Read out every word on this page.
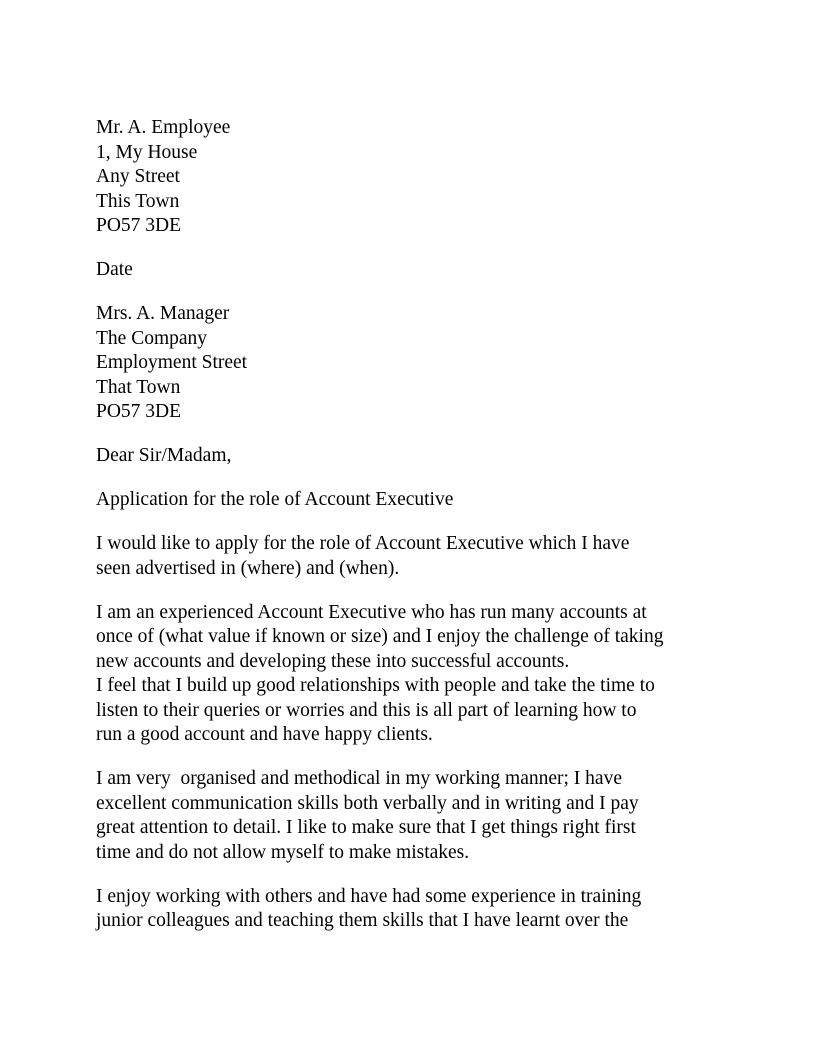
Mr. A. Employee
1, My House
Any Street
This Town
PO57 3DE
Date
Mrs. A. Manager
The Company
Employment Street
That Town
PO57 3DE
Dear Sir/Madam,
Application for the role of Account Executive
I would like to apply for the role of Account Executive which I have
seen advertised in (where) and (when).
I am an experienced Account Executive who has run many accounts at
once of (what value if known or size) and I enjoy the challenge of taking
new accounts and developing these into successful accounts.
I feel that I build up good relationships with people and take the time to
listen to their queries or worries and this is all part of learning how to
run a good account and have happy clients.
I am very  organised and methodical in my working manner; I have
excellent communication skills both verbally and in writing and I pay
great attention to detail. I like to make sure that I get things right first
time and do not allow myself to make mistakes.
I enjoy working with others and have had some experience in training
junior colleagues and teaching them skills that I have learnt over the
